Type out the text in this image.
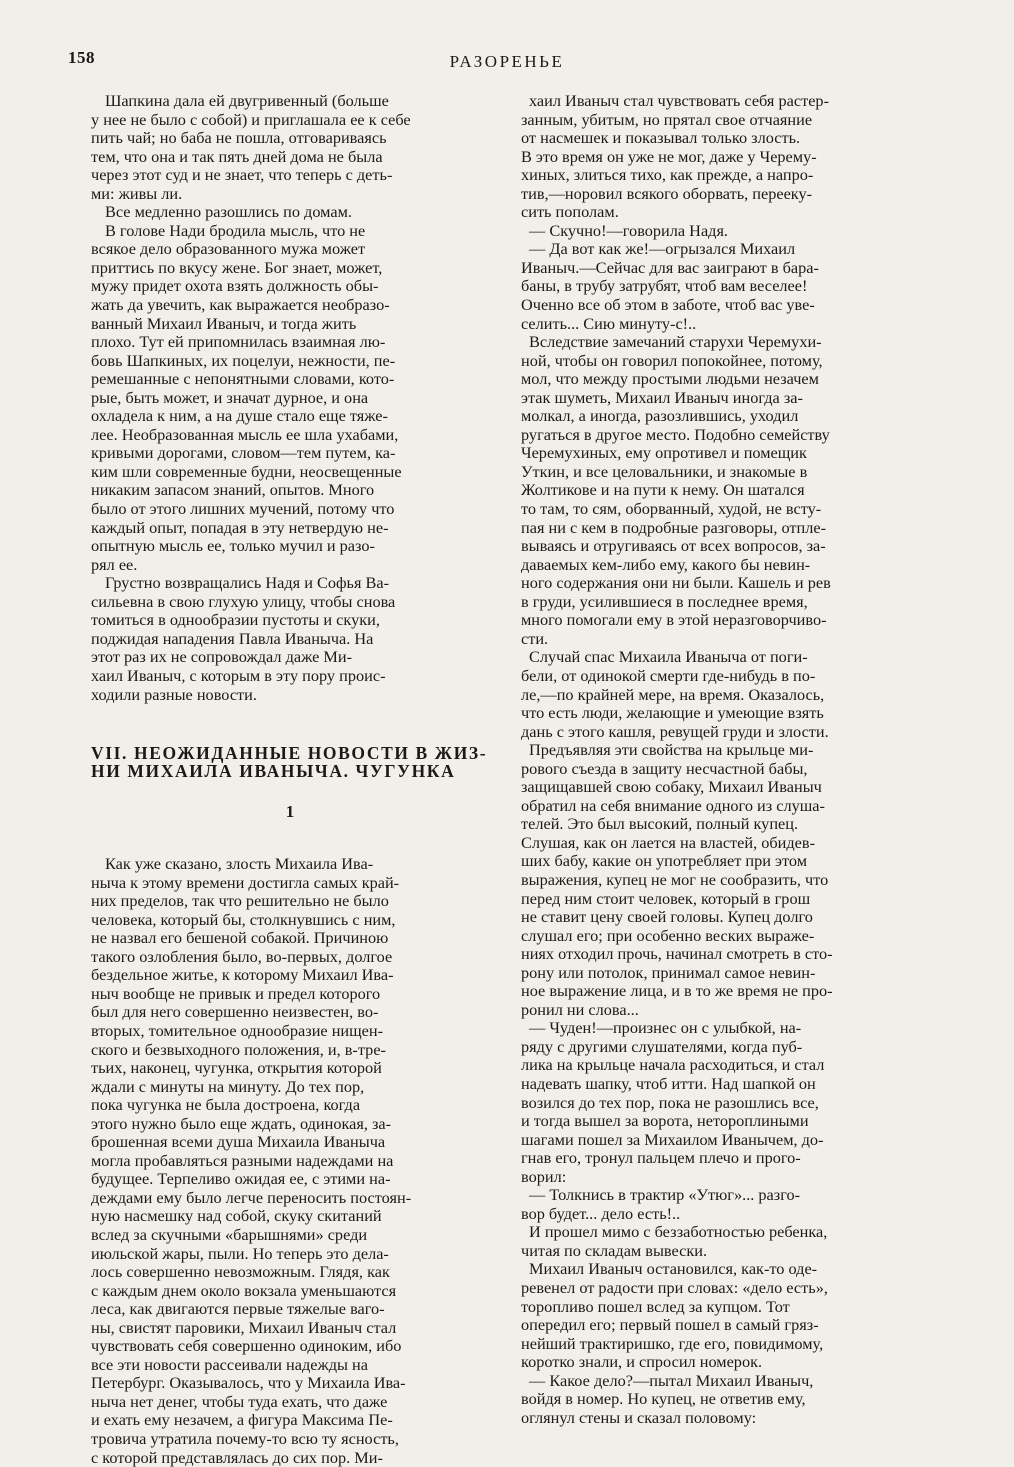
158	РАЗОРЕНЬЕ

Шапкина дала ей двугривенный (больше
у нее не было с собой) и приглашала ее к себе
пить чай; но баба не пошла, отговариваясь
тем, что она и так пять дней дома не была
через этот суд и не знает, что теперь с деть-
ми: живы ли.

Все медленно разошлись по домам.

В голове Нади бродила мысль, что не
всякое дело образованного мужа может
приттись по вкусу жене. Бог знает, может,
мужу придет охота взять должность обы-
жать да увечить, как выражается необразо-
ванный Михаил Иваныч, и тогда жить
плохо. Тут ей припомнилась взаимная лю-
бовь Шапкиных, их поцелуи, нежности, пе-
ремешанные с непонятными словами, кото-
рые, быть может, и значат дурное, и она
охладела к ним, а на душе стало еще тяже-
лее. Необразованная мысль ее шла ухабами,
кривыми дорогами, словом—тем путем, ка-
ким шли современные будни, неосвещенные
никаким запасом знаний, опытов. Много
было от этого лишних мучений, потому что
каждый опыт, попадая в эту нетвердую не-
опытную мысль ее, только мучил и разо-
рял ее.

Грустно возвращались Надя и Софья Ва-
сильевна в свою глухую улицу, чтобы снова
томиться в однообразии пустоты и скуки,
поджидая нападения Павла Иваныча. На
этот раз их не сопровождал даже Ми-
хаил Иваныч, с которым в эту пору проис-
ходили разные новости.

VII. НЕОЖИДАННЫЕ НОВОСТИ В ЖИЗ-
НИ МИХАИЛА ИВАНЫЧА. ЧУГУНКА
1

Как уже сказано, злость Михаила Ива-
ныча к этому времени достигла самых край-
них пределов, так что решительно не было
человека, который бы, столкнувшись с ним,
не назвал его бешеной собакой. Причиною
такого озлобления было, во-первых, долгое
бездельное житье, к которому Михаил Ива-
ныч вообще не привык и предел которого
был для него совершенно неизвестен, во-
вторых, томительное однообразие нищен-
ского и безвыходного положения, и, в-тре-
тьих, наконец, чугунка, открытия которой
ждали с минуты на минуту. До тех пор,
пока чугунка не была достроена, когда
этого нужно было еще ждать, одинокая, за-
брошенная всеми душа Михаила Иваныча
могла пробавляться разными надеждами на
будущее. Терпеливо ожидая ее, с этими на-
деждами ему было легче переносить постоян-
ную насмешку над собой, скуку скитаний
вслед за скучными «барышнями» среди
июльской жары, пыли. Но теперь это дела-
лось совершенно невозможным. Глядя, как
с каждым днем около вокзала уменьшаются
леса, как двигаются первые тяжелые ваго-
ны, свистят паровики, Михаил Иваныч стал
чувствовать себя совершенно одиноким, ибо
все эти новости рассеивали надежды на
Петербург. Оказывалось, что у Михаила Ива-
ныча нет денег, чтобы туда ехать, что даже
и ехать ему незачем, а фигура Максима Пе-
тровича утратила почему-то всю ту ясность,
с которой представлялась до сих пор. Ми-

хаил Иваныч стал чувствовать себя растер-
занным, убитым, но прятал свое отчаяние
от насмешек и показывал только злость.
В это время он уже не мог, даже у Черему-
хиных, злиться тихо, как прежде, а напро-
тив,—норовил всякого оборвать, перееку-
сить пополам.

— Скучно!—говорила Надя.

— Да вот как же!—огрызался Михаил
Иваныч.—Сейчас для вас заиграют в бара-
баны, в трубу затрубят, чтоб вам веселее!
Оченно все об этом в заботе, чтоб вас уве-
селить... Сию минуту-с!..

Вследствие замечаний старухи Черемухи-
ной, чтобы он говорил попокойнее, потому,
мол, что между простыми людьми незачем
этак шуметь, Михаил Иваныч иногда за-
молкал, а иногда, разозлившись, уходил
ругаться в другое место. Подобно семейству
Черемухиных, ему опротивел и помещик
Уткин, и все целовальники, и знакомые в
Жолтикове и на пути к нему. Он шатался
то там, то сям, оборванный, худой, не всту-
пая ни с кем в подробные разговоры, отпле-
вываясь и отругиваясь от всех вопросов, за-
даваемых кем-либо ему, какого бы невин-
ного содержания они ни были. Кашель и рев
в груди, усилившиеся в последнее время,
много помогали ему в этой неразговорчиво-
сти.

Случай спас Михаила Иваныча от поги-
бели, от одинокой смерти где-нибудь в по-
ле,—по крайней мере, на время. Оказалось,
что есть люди, желающие и умеющие взять
дань с этого кашля, ревущей груди и злости.

Предъявляя эти свойства на крыльце ми-
рового съезда в защиту несчастной бабы,
защищавшей свою собаку, Михаил Иваныч
обратил на себя внимание одного из слуша-
телей. Это был высокий, полный купец.
Слушая, как он лается на властей, обидев-
ших бабу, какие он употребляет при этом
выражения, купец не мог не сообразить, что
перед ним стоит человек, который в грош
не ставит цену своей головы. Купец долго
слушал его; при особенно веских выраже-
ниях отходил прочь, начинал смотреть в сто-
рону или потолок, принимал самое невин-
ное выражение лица, и в то же время не про-
ронил ни слова...

— Чуден!—произнес он с улыбкой, на-
ряду с другими слушателями, когда пуб-
лика на крыльце начала расходиться, и стал
надевать шапку, чтоб итти. Над шапкой он
возился до тех пор, пока не разошлись все,
и тогда вышел за ворота, нетороплиными
шагами пошел за Михаилом Иванычем, до-
гнав его, тронул пальцем плечо и прого-
ворил:

— Толкнись в трактир «Утюг»... разго-
вор будет... дело есть!..

И прошел мимо с беззаботностью ребенка,
читая по складам вывески.

Михаил Иваныч остановился, как-то оде-
ревенел от радости при словах: «дело есть»,
торопливо пошел вслед за купцом. Тот
опередил его; первый пошел в самый гряз-
нейший трактиришко, где его, повидимому,
коротко знали, и спросил номерок.

— Какое дело?—пытал Михаил Иваныч,
войдя в номер. Но купец, не ответив ему,
оглянул стены и сказал половому:
